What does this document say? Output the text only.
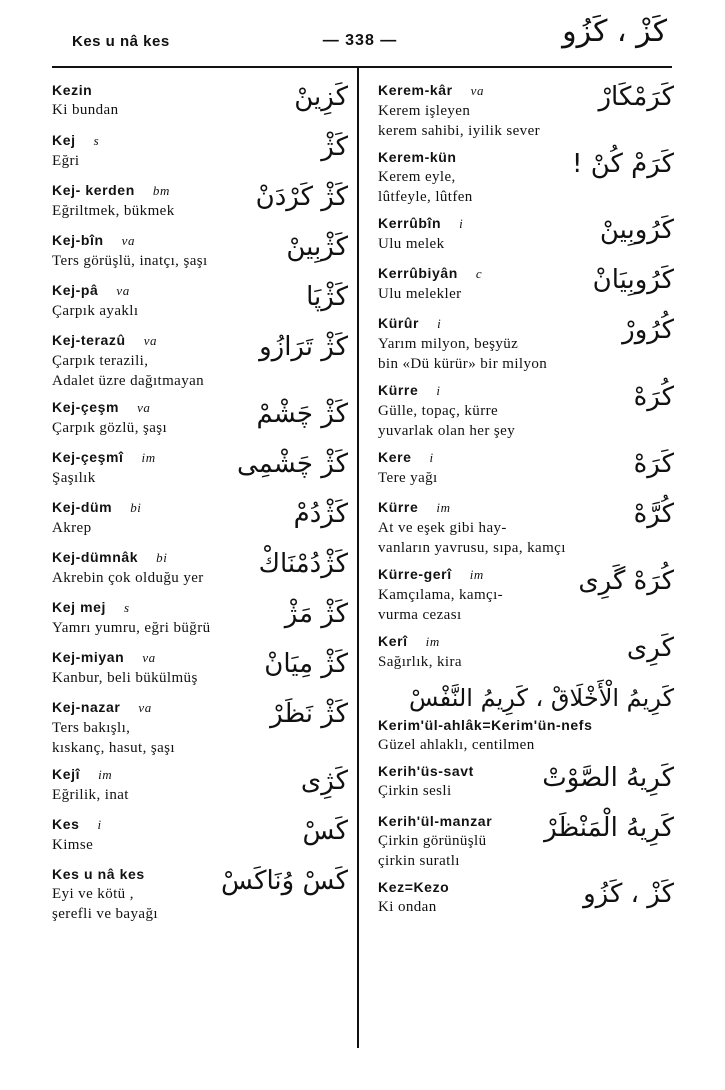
Kes u nâ kes	— 338 —	كَزْ ، كَزُو
Kezin	كَزِينْ
Ki bundan
Kej s	كَژْ
Eğri
Kej- kerden bm	كَژْ كَرْدَنْ
Eğriltmek, bükmek
Kej-bîn va	كَژْبِينْ
Ters görüşlü, inatçı, şaşı
Kej-pâ va	كَژْپَا
Çarpık ayaklı
Kej-terazû va	كَژْ تَرَازُو
Çarpık terazili,
Adalet üzre dağıtmayan
Kej-çeşm va	كَژْ چَشْمْ
Çarpık gözlü, şaşı
Kej-çeşmî im	كَژْ چَشْمِى
Şaşılık
Kej-düm bi	كَژْدُمْ
Akrep
Kej-dümnâk bi	كَژْدُمْنَاكْ
Akrebin çok olduğu yer
Kej mej s	كَژْ مَژْ
Yamrı yumru, eğri büğrü
Kej-miyan va	كَژْ مِيَانْ
Kanbur, beli bükülmüş
Kej-nazar va	كَژْ نَظَرْ
Ters bakışlı,
kıskanç, hasut, şaşı
Kejî im	كَژِى
Eğrilik, inat
Kes i	كَسْ
Kimse
Kes u nâ kes	كَسْ وُنَاكَسْ
Eyi ve kötü ,
şerefli ve bayağı
Kerem-kâr va	كَرَمْكَارْ
Kerem işleyen
kerem sahibi, iyilik sever
Kerem-kün	كَرَمْ كُنْ !
Kerem eyle,
lûtfeyle, lûtfen
Kerrûbîn i	كَرُوبِينْ
Ulu melek
Kerrûbiyân c	كَرُوبِيَانْ
Ulu melekler
Kürûr i	كُرُورْ
Yarım milyon, beşyüz
bin «Dü kürür» bir milyon
Kürre i	كُرَهْ
Gülle, topaç, kürre
yuvarlak olan her şey
Kere i	كَرَهْ
Tere yağı
Kürre im	كُرَّهْ
At ve eşek gibi hay-
vanların yavrusu, sıpa, kamçı
Kürre-gerî im	كُرَهْ گَرِى
Kamçılama, kamçı-
vurma cezası
Kerî im	كَرِى
Sağırlık, kira
كَرِيمُ الْأَخْلَاقْ ، كَرِيمُ النَّفْسْ
Kerim'ül-ahlâk=Kerim'ün-nefs
Güzel ahlaklı, centilmen
Kerih'üs-savt	كَرِيهُ الصَّوْتْ
Çirkin sesli
Kerih'ül-manzar	كَرِيهُ الْمَنْظَرْ
Çirkin görünüşlü
çirkin suratlı
Kez=Kezo	كَزْ ، كَزُو
Ki ondan
